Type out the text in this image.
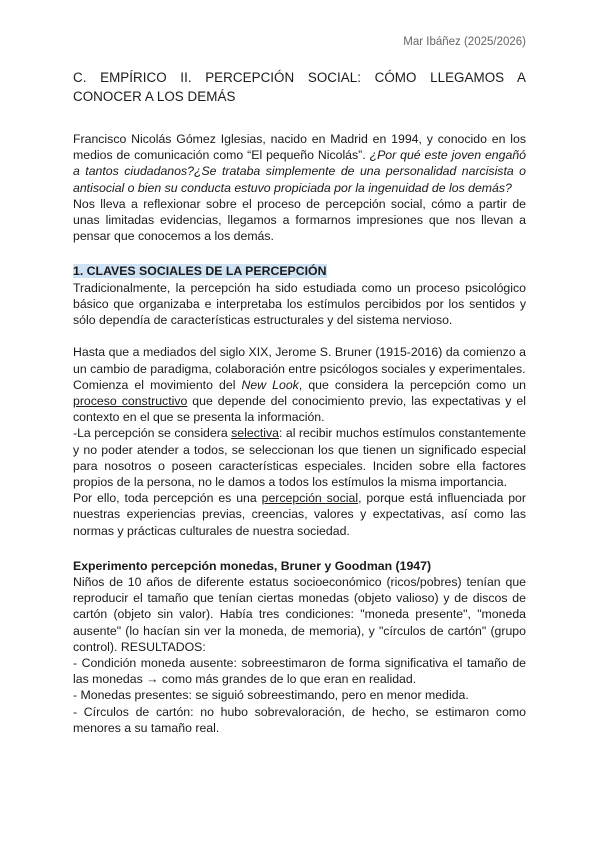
Mar Ibáñez (2025/2026)
C. EMPÍRICO II. PERCEPCIÓN SOCIAL: CÓMO LLEGAMOS A CONOCER A LOS DEMÁS

Francisco Nicolás Gómez Iglesias, nacido en Madrid en 1994, y conocido en los medios de comunicación como “El pequeño Nicolás”. ¿Por qué este joven engañó a tantos ciudadanos?¿Se trataba simplemente de una personalidad narcisista o antisocial o bien su conducta estuvo propiciada por la ingenuidad de los demás?

Nos lleva a reflexionar sobre el proceso de percepción social, cómo a partir de unas limitadas evidencias, llegamos a formarnos impresiones que nos llevan a pensar que conocemos a los demás.

1. CLAVES SOCIALES DE LA PERCEPCIÓN

Tradicionalmente, la percepción ha sido estudiada como un proceso psicológico básico que organizaba e interpretaba los estímulos percibidos por los sentidos y sólo dependía de características estructurales y del sistema nervioso.

Hasta que a mediados del siglo XIX, Jerome S. Bruner (1915-2016) da comienzo a un cambio de paradigma, colaboración entre psicólogos sociales y experimentales.

Comienza el movimiento del New Look, que considera la percepción como un proceso constructivo que depende del conocimiento previo, las expectativas y el contexto en el que se presenta la información.

-La percepción se considera selectiva: al recibir muchos estímulos constantemente y no poder atender a todos, se seleccionan los que tienen un significado especial para nosotros o poseen características especiales. Inciden sobre ella factores propios de la persona, no le damos a todos los estímulos la misma importancia.

Por ello, toda percepción es una percepción social, porque está influenciada por nuestras experiencias previas, creencias, valores y expectativas, así como las normas y prácticas culturales de nuestra sociedad.

Experimento percepción monedas, Bruner y Goodman (1947)

Niños de 10 años de diferente estatus socioeconómico (ricos/pobres) tenían que reproducir el tamaño que tenían ciertas monedas (objeto valioso) y de discos de cartón (objeto sin valor). Había tres condiciones: "moneda presente", "moneda ausente" (lo hacían sin ver la moneda, de memoria), y "círculos de cartón" (grupo control). RESULTADOS:

- Condición moneda ausente: sobreestimaron de forma significativa el tamaño de las monedas → como más grandes de lo que eran en realidad.

- Monedas presentes: se siguió sobreestimando, pero en menor medida.

- Círculos de cartón: no hubo sobrevaloración, de hecho, se estimaron como menores a su tamaño real.
